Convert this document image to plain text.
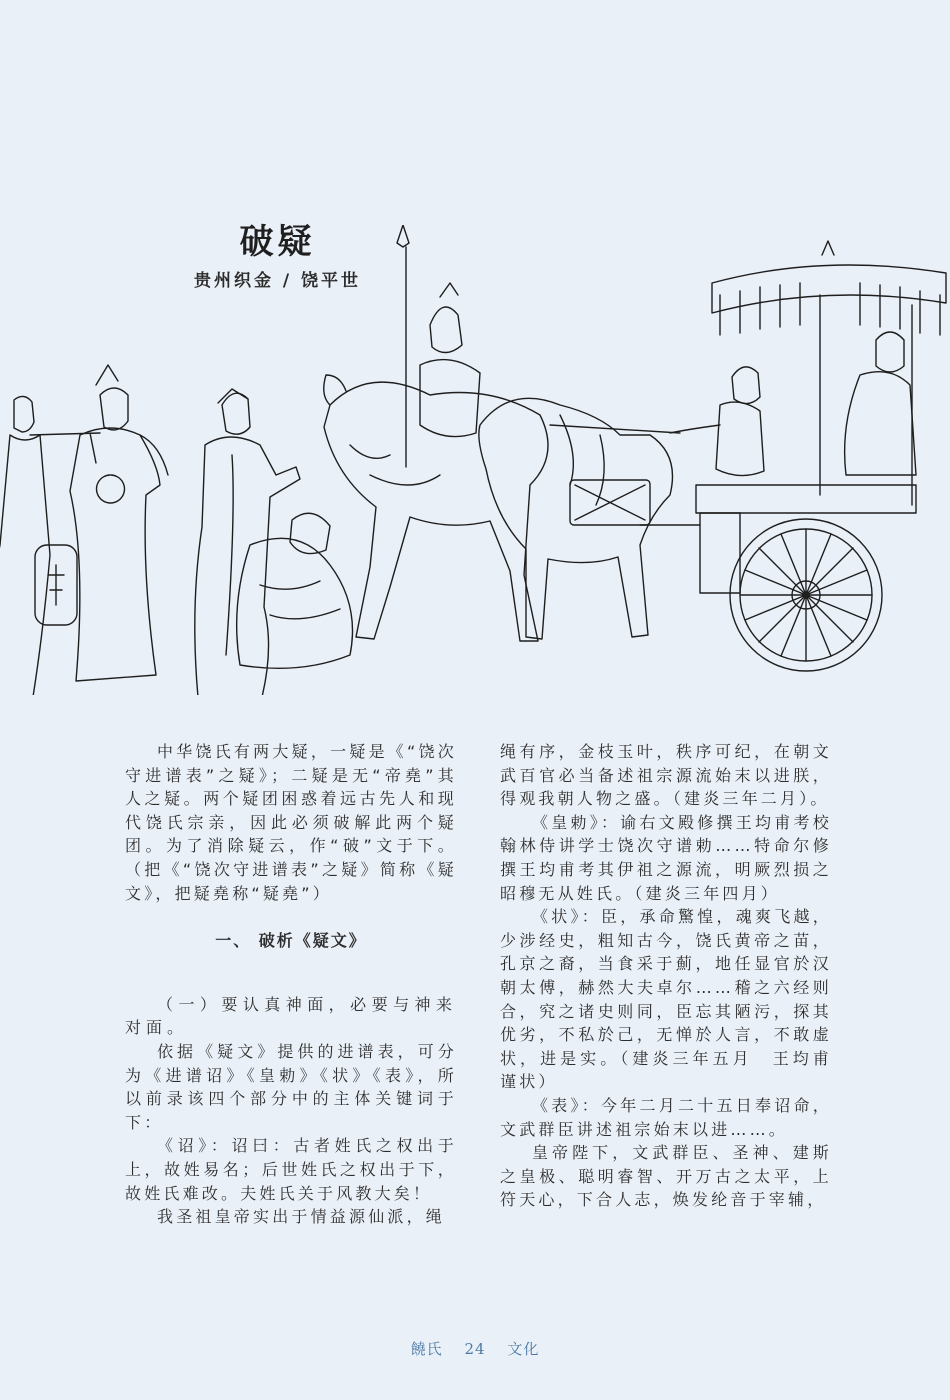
破疑
贵州织金 / 饶平世

中华饶氏有两大疑，一疑是《“饶次守进谱表”之疑》；二疑是无“帝堯”其人之疑。两个疑团困惑着远古先人和现代饶氏宗亲，因此必须破解此两个疑团。为了消除疑云，作“破”文于下。（把《“饶次守进谱表”之疑》简称《疑文》，把疑堯称“疑堯”）

一、 破析《疑文》

（一）要认真神面，必要与神来对面。

依据《疑文》提供的进谱表，可分为《进谱诏》《皇勅》《状》《表》，所以前录该四个部分中的主体关键词于下：

《诏》：诏曰：古者姓氏之权出于上，故姓易名；后世姓氏之权出于下，故姓氏难改。夫姓氏关于风教大矣！

我圣祖皇帝实出于情益源仙派，绳

绳有序，金枝玉叶，秩序可纪，在朝文武百官必当备述祖宗源流始末以进朕，得观我朝人物之盛。（建炎三年二月）。

《皇勅》：谕右文殿修撰王均甫考校翰林侍讲学士饶次守谱勅……特命尔修撰王均甫考其伊祖之源流，明厥烈损之昭穆无从姓氏。（建炎三年四月）

《状》：臣，承命驚惶，魂爽飞越，少涉经史，粗知古今，饶氏黄帝之苗，孔京之裔，当食采于薊，地任显官於汉朝太傅，赫然大夫卓尔……稽之六经则合，究之诸史则同，臣忘其陋污，探其优劣，不私於己，无惮於人言，不敢虚状，进是实。（建炎三年五月　王均甫谨状）

《表》：今年二月二十五日奉诏命，文武群臣讲述祖宗始末以进……。

皇帝陛下，文武群臣、圣神、建斯之皇极、聪明睿智、开万古之太平，上符天心，下合人志，焕发纶音于宰辅，

饒氏 24 文化
